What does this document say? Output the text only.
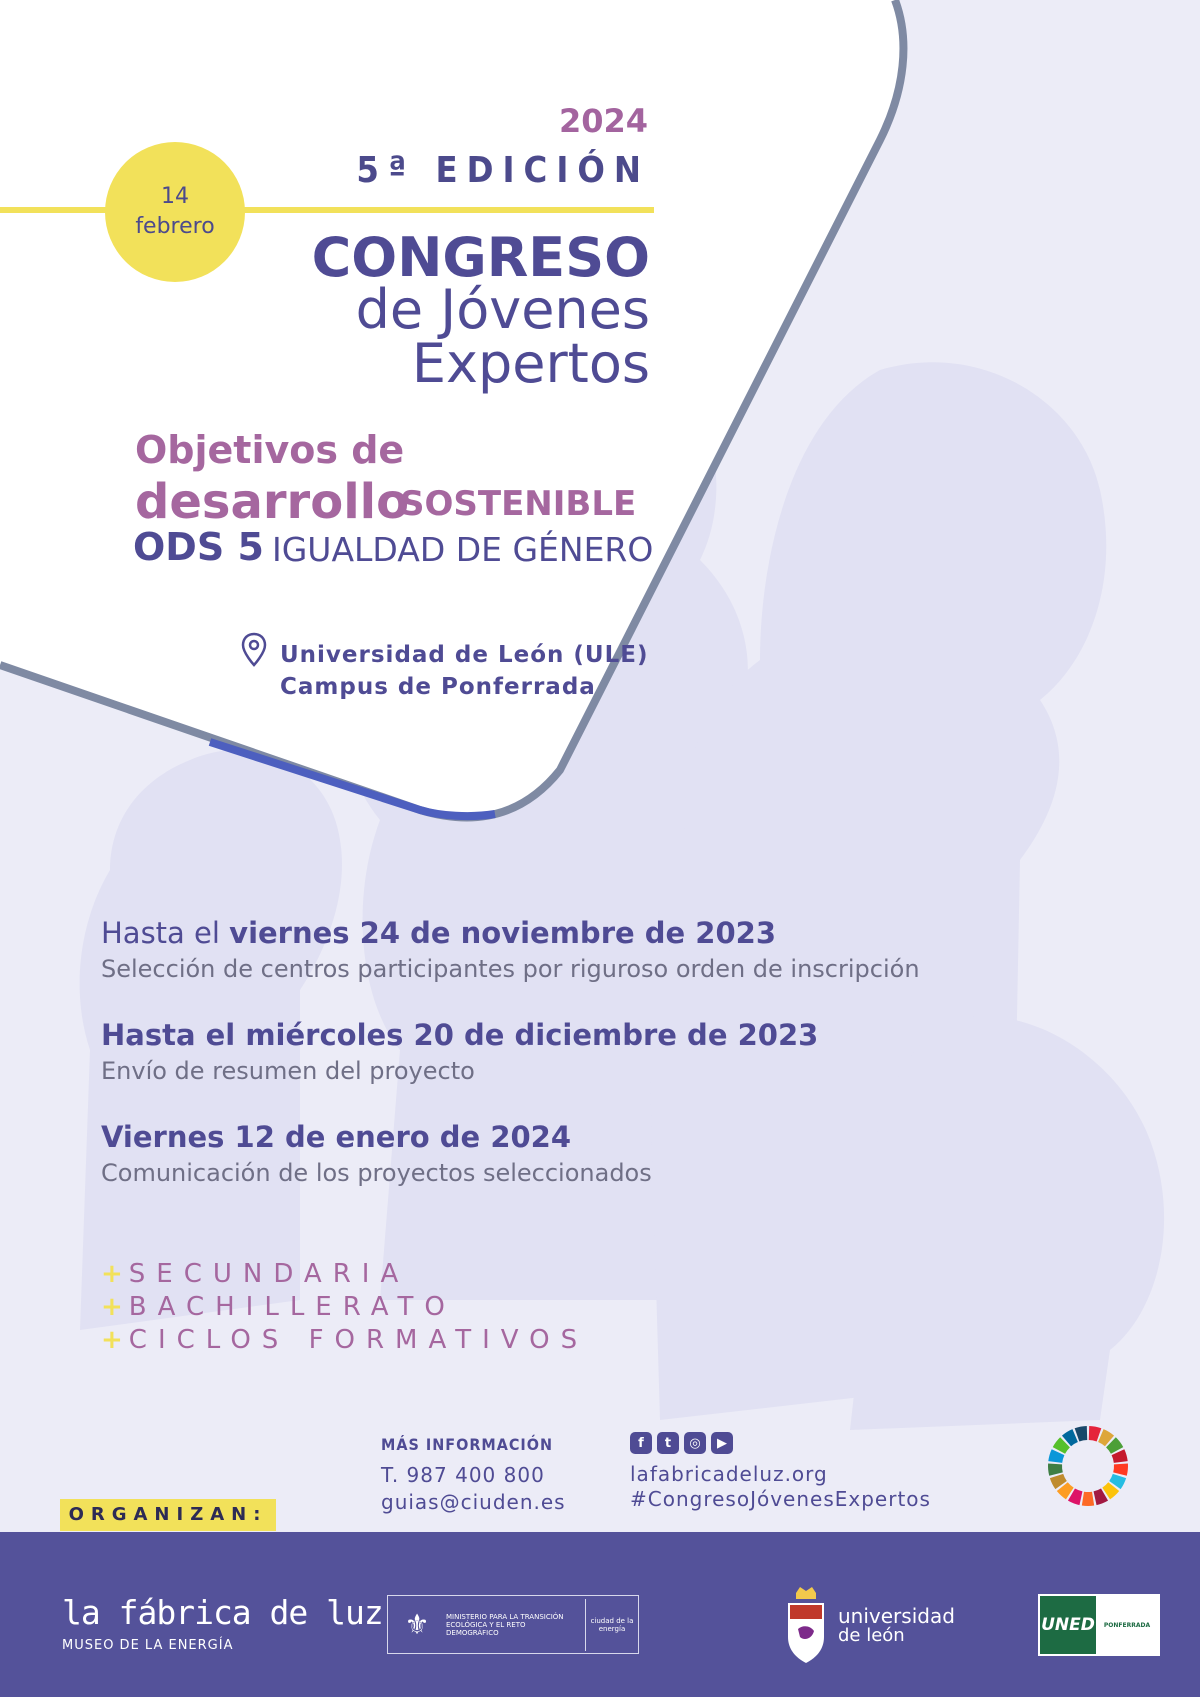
2024
5ª EDICIÓN
14
febrero	CONGRESO
de Jóvenes
Expertos
Objetivos de
desarrollo
SOSTENIBLE
ODS 5 IGUALDAD DE GÉNERO
Universidad de León (ULE)
Campus de Ponferrada
Hasta el viernes 24 de noviembre de 2023
Selección de centros participantes por riguroso orden de inscripción
Hasta el miércoles 20 de diciembre de 2023
Envío de resumen del proyecto
Viernes 12 de enero de 2024
Comunicación de los proyectos seleccionados
+ SECUNDARIA
+ BACHILLERATO
+ CICLOS FORMATIVOS
MÁS INFORMACIÓN
T. 987 400 800
guias@ciuden.es
f	t	◎	▶
lafabricadeluz.org
#CongresoJóvenesExpertos
ORGANIZAN:
la fábrica de luz
MUSEO DE LA ENERGÍA
⚜	MINISTERIO PARA LA TRANSICIÓN ECOLÓGICA Y EL RETO DEMOGRÁFICO
ciudad de la energía
universidad
de león	UNED	PONFERRADA
